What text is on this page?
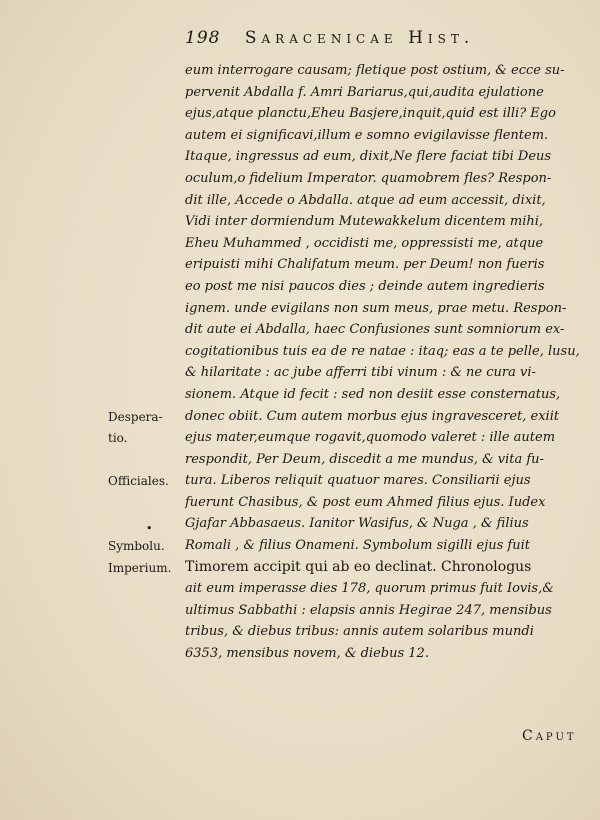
198 Saracenicae Hist.
eum interrogare causam; fletique post ostium, & ecce su-
pervenit Abdalla f. Amri Bariarus,qui,audita ejulatione
ejus,atque planctu,Eheu Basjere,inquit,quid est illi? Ego
autem ei significavi,illum e somno evigilavisse flentem.
Itaque, ingressus ad eum, dixit,Ne flere faciat tibi Deus
oculum,o fidelium Imperator. quamobrem fles? Respon-
dit ille, Accede o Abdalla. atque ad eum accessit, dixit,
Vidi inter dormiendum Mutewakkelum dicentem mihi,
Eheu Muhammed , occidisti me, oppressisti me, atque
eripuisti mihi Chalifatum meum. per Deum! non fueris
eo post me nisi paucos dies ; deinde autem ingredieris
ignem. unde evigilans non sum meus, prae metu. Respon-
dit aute ei Abdalla, haec Confusiones sunt somniorum ex-
cogitationibus tuis ea de re natae : itaq; eas a te pelle, lusu,
& hilaritate : ac jube afferri tibi vinum : & ne cura vi-
sionem. Atque id fecit : sed non desiit esse consternatus,
donec obiit. Cum autem morbus ejus ingravesceret, exiit
ejus mater,eumque rogavit,quomodo valeret : ille autem
respondit, Per Deum, discedit a me mundus, & vita fu-
tura. Liberos reliquit quatuor mares. Consiliarii ejus
fuerunt Chasibus, & post eum Ahmed filius ejus. Iudex
Gjafar Abbasaeus. Ianitor Wasifus, & Nuga , & filius
Romali , & filius Onameni. Symbolum sigilli ejus fuit
Timorem accipit qui ab eo declinat. Chronologus
ait eum imperasse dies 178, quorum primus fuit Iovis,&
ultimus Sabbathi : elapsis annis Hegirae 247, mensibus
tribus, & diebus tribus: annis autem solaribus mundi
6353, mensibus novem, & diebus 12.
Despera-
tio.
Officiales.
Symbolu.
Imperium.
•
Caput
